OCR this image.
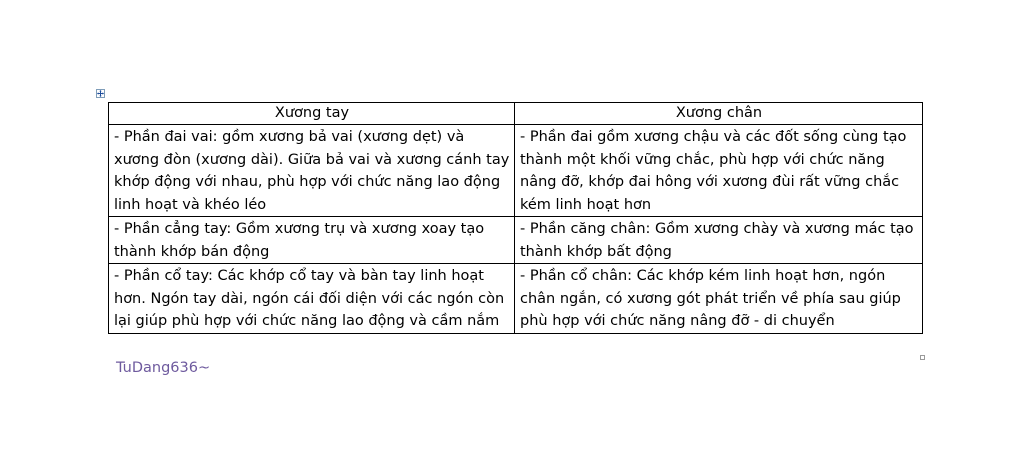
Xương tay	Xương chân
- Phần đai vai: gồm xương bả vai (xương dẹt) và xương đòn (xương dài). Giữa bả vai và xương cánh tay khớp động với nhau, phù hợp với chức năng lao động linh hoạt và khéo léo	- Phần đai gồm xương chậu và các đốt sống cùng tạo thành một khối vững chắc, phù hợp với chức năng nâng đỡ, khớp đai hông với xương đùi rất vững chắc kém linh hoạt hơn
- Phần cẳng tay: Gồm xương trụ và xương xoay tạo thành khớp bán động	- Phần căng chân: Gồm xương chày và xương mác tạo thành khớp bất động
- Phần cổ tay: Các khớp cổ tay và bàn tay linh hoạt hơn. Ngón tay dài, ngón cái đối diện với các ngón còn lại giúp phù hợp với chức năng lao động và cầm nắm	- Phần cổ chân: Các khớp kém linh hoạt hơn, ngón chân ngắn, có xương gót phát triển về phía sau giúp phù hợp với chức năng nâng đỡ - di chuyển
TuDang636~
